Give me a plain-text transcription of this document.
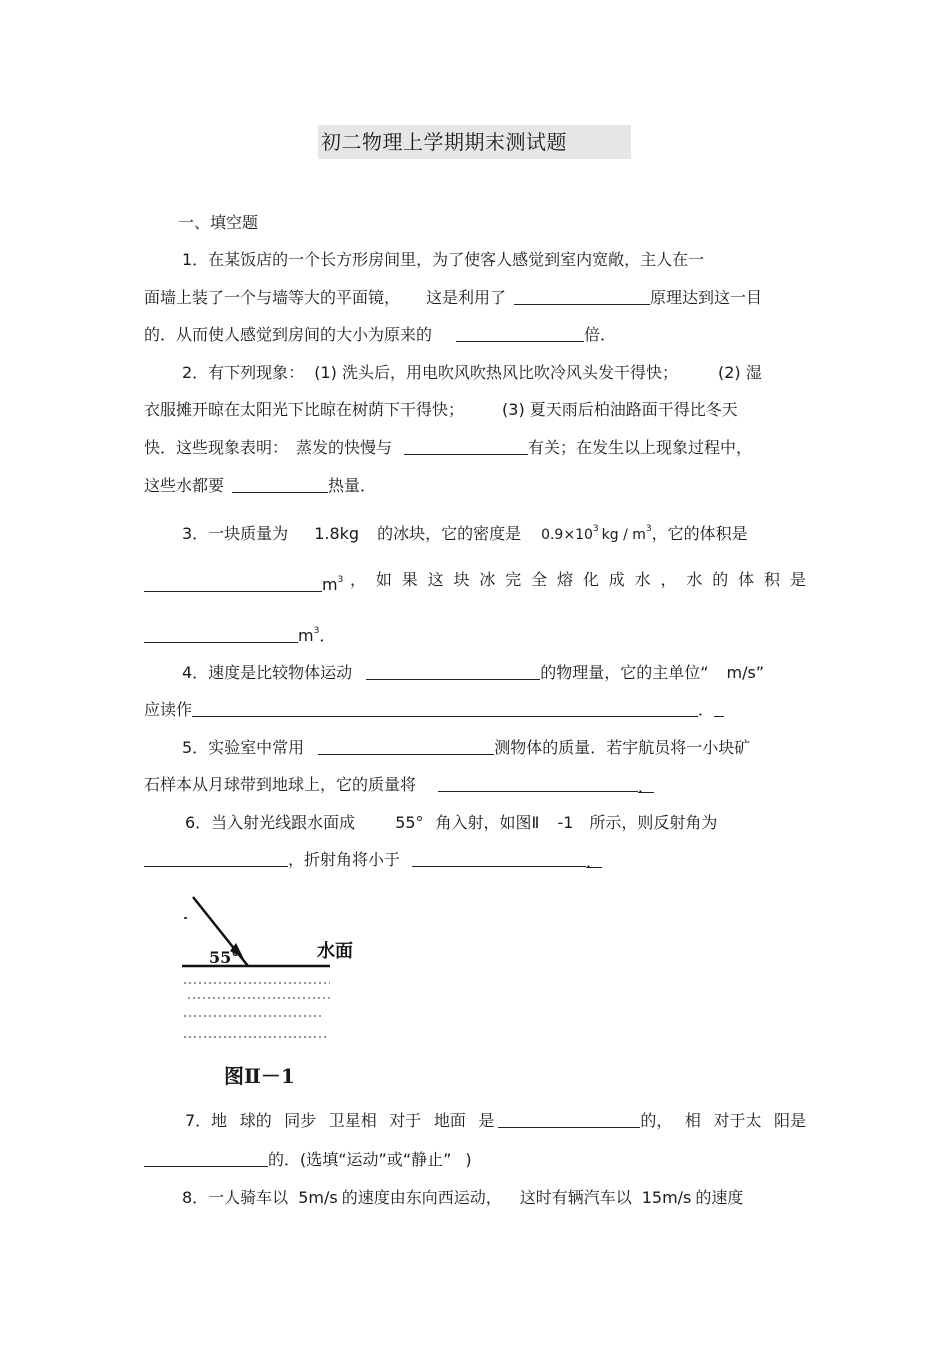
初二物理上学期期末测试题
一、填空题
1．在某饭店的一个长方形房间里，为了使客人感觉到室内宽敞，主人在一
面墙上装了一个与墙等大的平面镜， 这是利用了	原理达到这一目
的．从而使人感觉到房间的大小为原来的	倍．
2．有下列现象： (1) 洗头后，用电吹风吹热风比吹冷风头发干得快；	(2) 湿
衣服摊开晾在太阳光下比晾在树荫下干得快； (3) 夏天雨后柏油路面干得比冬天
快．这些现象表明： 蒸发的快慢与	有关；在发生以上现象过程中，
这些水都要	热量．
3．一块质量为 1.8kg 的冰块，它的密度是 $0.9\times 10^3$ kg / $m^3$，它的体积是
$m^3$ ， 如 果 这 块 冰 完 全 熔 化 成 水 ， 水 的 体 积 是
$m^3$．
4．速度是比较物体运动	的物理量，它的主单位“ m/s”
应读作	．
5．实验室中常用	测物体的质量．若宇航员将一小块矿
石样本从月球带到地球上，它的质量将	．
6．当入射光线跟水面成	55° 角入射，如图Ⅱ -1 所示，则反射角为
，折射角将小于	．
55°	水面
图Ⅱ－1
7．地 球的 同步 卫星相 对于 地面 是	的， 相 对于太 阳是
的．(选填“运动”或“静止” )
8．一人骑车以 5m∕s 的速度由东向西运动， 这时有辆汽车以 15m∕s 的速度
